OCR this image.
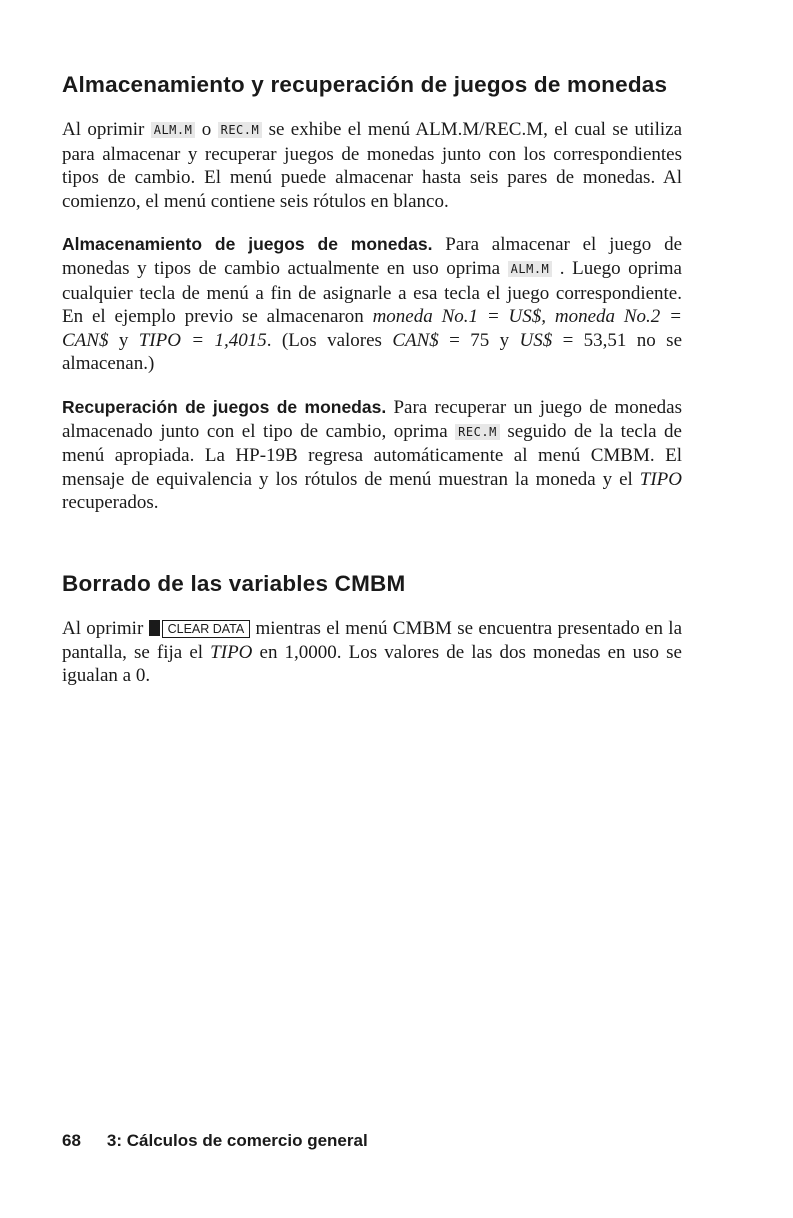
Almacenamiento y recuperación de juegos de monedas

Al oprimir ALM.M o REC.M se exhibe el menú ALM.M/REC.M, el cual se utiliza para almacenar y recuperar juegos de monedas junto con los correspondientes tipos de cambio. El menú puede almacenar hasta seis pares de monedas. Al comienzo, el menú contiene seis rótulos en blanco.

Almacenamiento de juegos de monedas. Para almacenar el juego de monedas y tipos de cambio actualmente en uso oprima ALM.M . Luego oprima cualquier tecla de menú a fin de asignarle a esa tecla el juego correspondiente. En el ejemplo previo se almacenaron moneda No.1 = US$, moneda No.2 = CAN$ y TIPO = 1,4015. (Los valores CAN$ = 75 y US$ = 53,51 no se almacenan.)

Recuperación de juegos de monedas. Para recuperar un juego de monedas almacenado junto con el tipo de cambio, oprima REC.M seguido de la tecla de menú apropiada. La HP-19B regresa automáticamente al menú CMBM. El mensaje de equivalencia y los rótulos de menú muestran la moneda y el TIPO recuperados.

Borrado de las variables CMBM

Al oprimir CLEAR DATA mientras el menú CMBM se encuentra presentado en la pantalla, se fija el TIPO en 1,0000. Los valores de las dos monedas en uso se igualan a 0.

68 3: Cálculos de comercio general
